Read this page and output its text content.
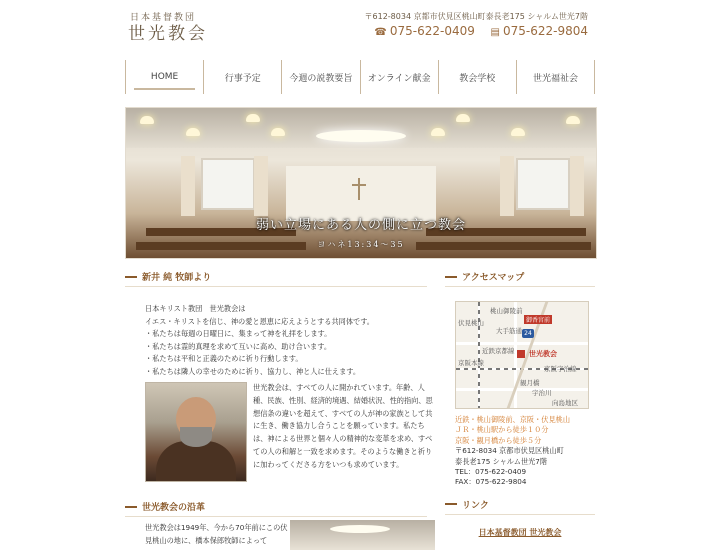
日本基督教団
世光教会
〒612-8034 京都市伏見区桃山町泰長老175 シャルム世光7階
☎ 075-622-0409 ▤ 075-622-9804
HOME	行事予定	今週の説教要旨	オンライン献金	教会学校	世光福祉会
弱い立場にある人の側に立つ教会
ヨハネ13:34～35
新井 純 牧師より

日本キリスト教団　世光教会は

イエス・キリストを信じ、神の愛と恩恵に応えようとする共同体です。

・私たちは毎週の日曜日に、集まって神を礼拝をします。

・私たちは霊的真理を求めて互いに高め、助け合います。

・私たちは平和と正義のために祈り行動します。

・私たちは隣人の幸せのために祈り、協力し、神と人に仕えます。

世光教会は、すべての人に開かれています。年齢、人種、民族、性別、経済的境遇、結婚状況、性的指向、思想信条の違いを超えて、すべての人が神の家族として共に生き、働き協力し合うことを願っています。私たちは、神による世界と個々人の精神的な変革を求め、すべての人の和解と一致を求めます。そのような働きと祈りに加わってくださる方をいつも求めています。

世光教会の沿革

世光教会は1949年、今から70年前にこの伏見桃山の地に、橋本保郎牧師によって

アクセスマップ
桃山御陵前
伏見桃山	御香宮前
大手筋通
近鉄京都線
京阪本線
観月橋
京阪宇治線
宇治川
向島地区
24
世光教会
近鉄・桃山御陵前、京阪・伏見桃山
ＪＲ・桃山駅から徒歩１０分
京阪・観月橋から徒歩５分
〒612-8034 京都市伏見区桃山町
泰長老175 シャルム世光7階
TEL：075-622-0409
FAX：075-622-9804
リンク
日本基督教団 世光教会
